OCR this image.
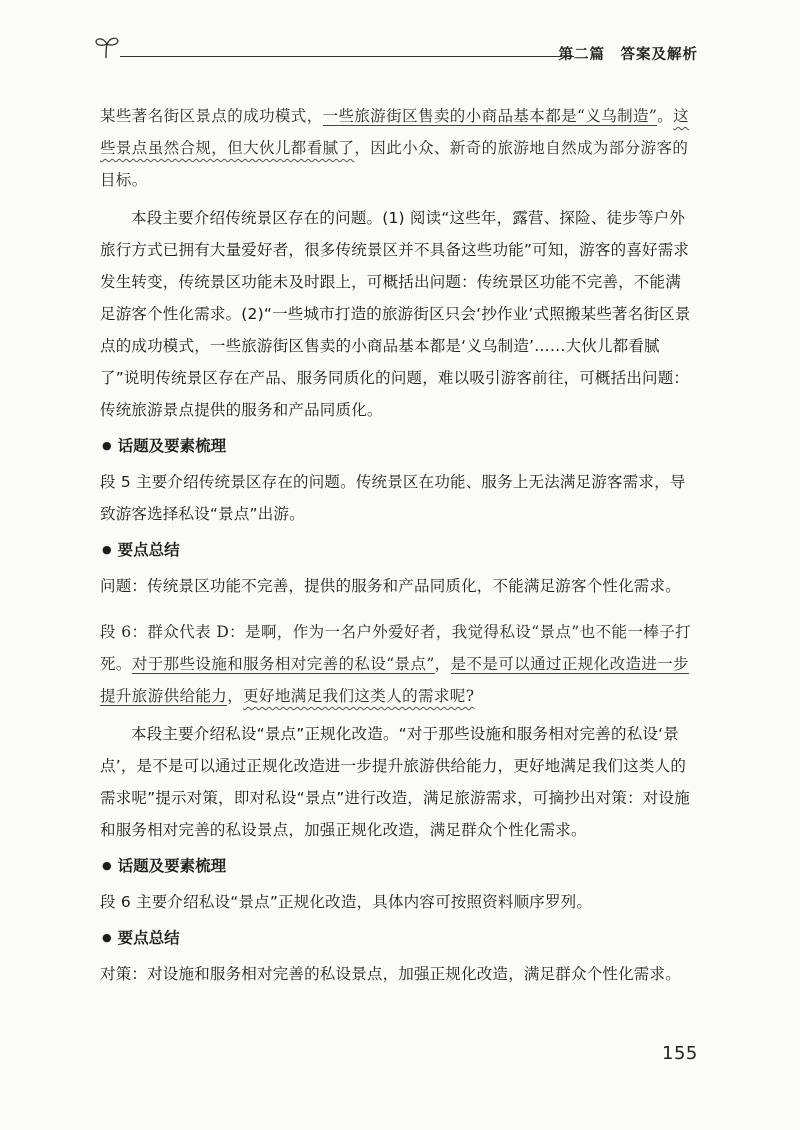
第二篇　答案及解析

某些著名街区景点的成功模式，一些旅游街区售卖的小商品基本都是“义乌制造”。这些景点虽然合规，但大伙儿都看腻了，因此小众、新奇的旅游地自然成为部分游客的目标。

本段主要介绍传统景区存在的问题。(1) 阅读“这些年，露营、探险、徒步等户外旅行方式已拥有大量爱好者，很多传统景区并不具备这些功能”可知，游客的喜好需求发生转变，传统景区功能未及时跟上，可概括出问题：传统景区功能不完善，不能满足游客个性化需求。(2)“一些城市打造的旅游街区只会‘抄作业’式照搬某些著名街区景点的成功模式，一些旅游街区售卖的小商品基本都是‘义乌制造’……大伙儿都看腻了”说明传统景区存在产品、服务同质化的问题，难以吸引游客前往，可概括出问题：传统旅游景点提供的服务和产品同质化。

● 话题及要素梳理

段 5 主要介绍传统景区存在的问题。传统景区在功能、服务上无法满足游客需求，导致游客选择私设“景点”出游。

● 要点总结

问题：传统景区功能不完善，提供的服务和产品同质化，不能满足游客个性化需求。

段 6：群众代表 D：是啊，作为一名户外爱好者，我觉得私设“景点”也不能一棒子打死。对于那些设施和服务相对完善的私设“景点”，是不是可以通过正规化改造进一步提升旅游供给能力，更好地满足我们这类人的需求呢?

本段主要介绍私设“景点”正规化改造。“对于那些设施和服务相对完善的私设‘景点’，是不是可以通过正规化改造进一步提升旅游供给能力，更好地满足我们这类人的需求呢”提示对策，即对私设“景点”进行改造，满足旅游需求，可摘抄出对策：对设施和服务相对完善的私设景点，加强正规化改造，满足群众个性化需求。

● 话题及要素梳理

段 6 主要介绍私设“景点”正规化改造，具体内容可按照资料顺序罗列。

● 要点总结

对策：对设施和服务相对完善的私设景点，加强正规化改造，满足群众个性化需求。

155
